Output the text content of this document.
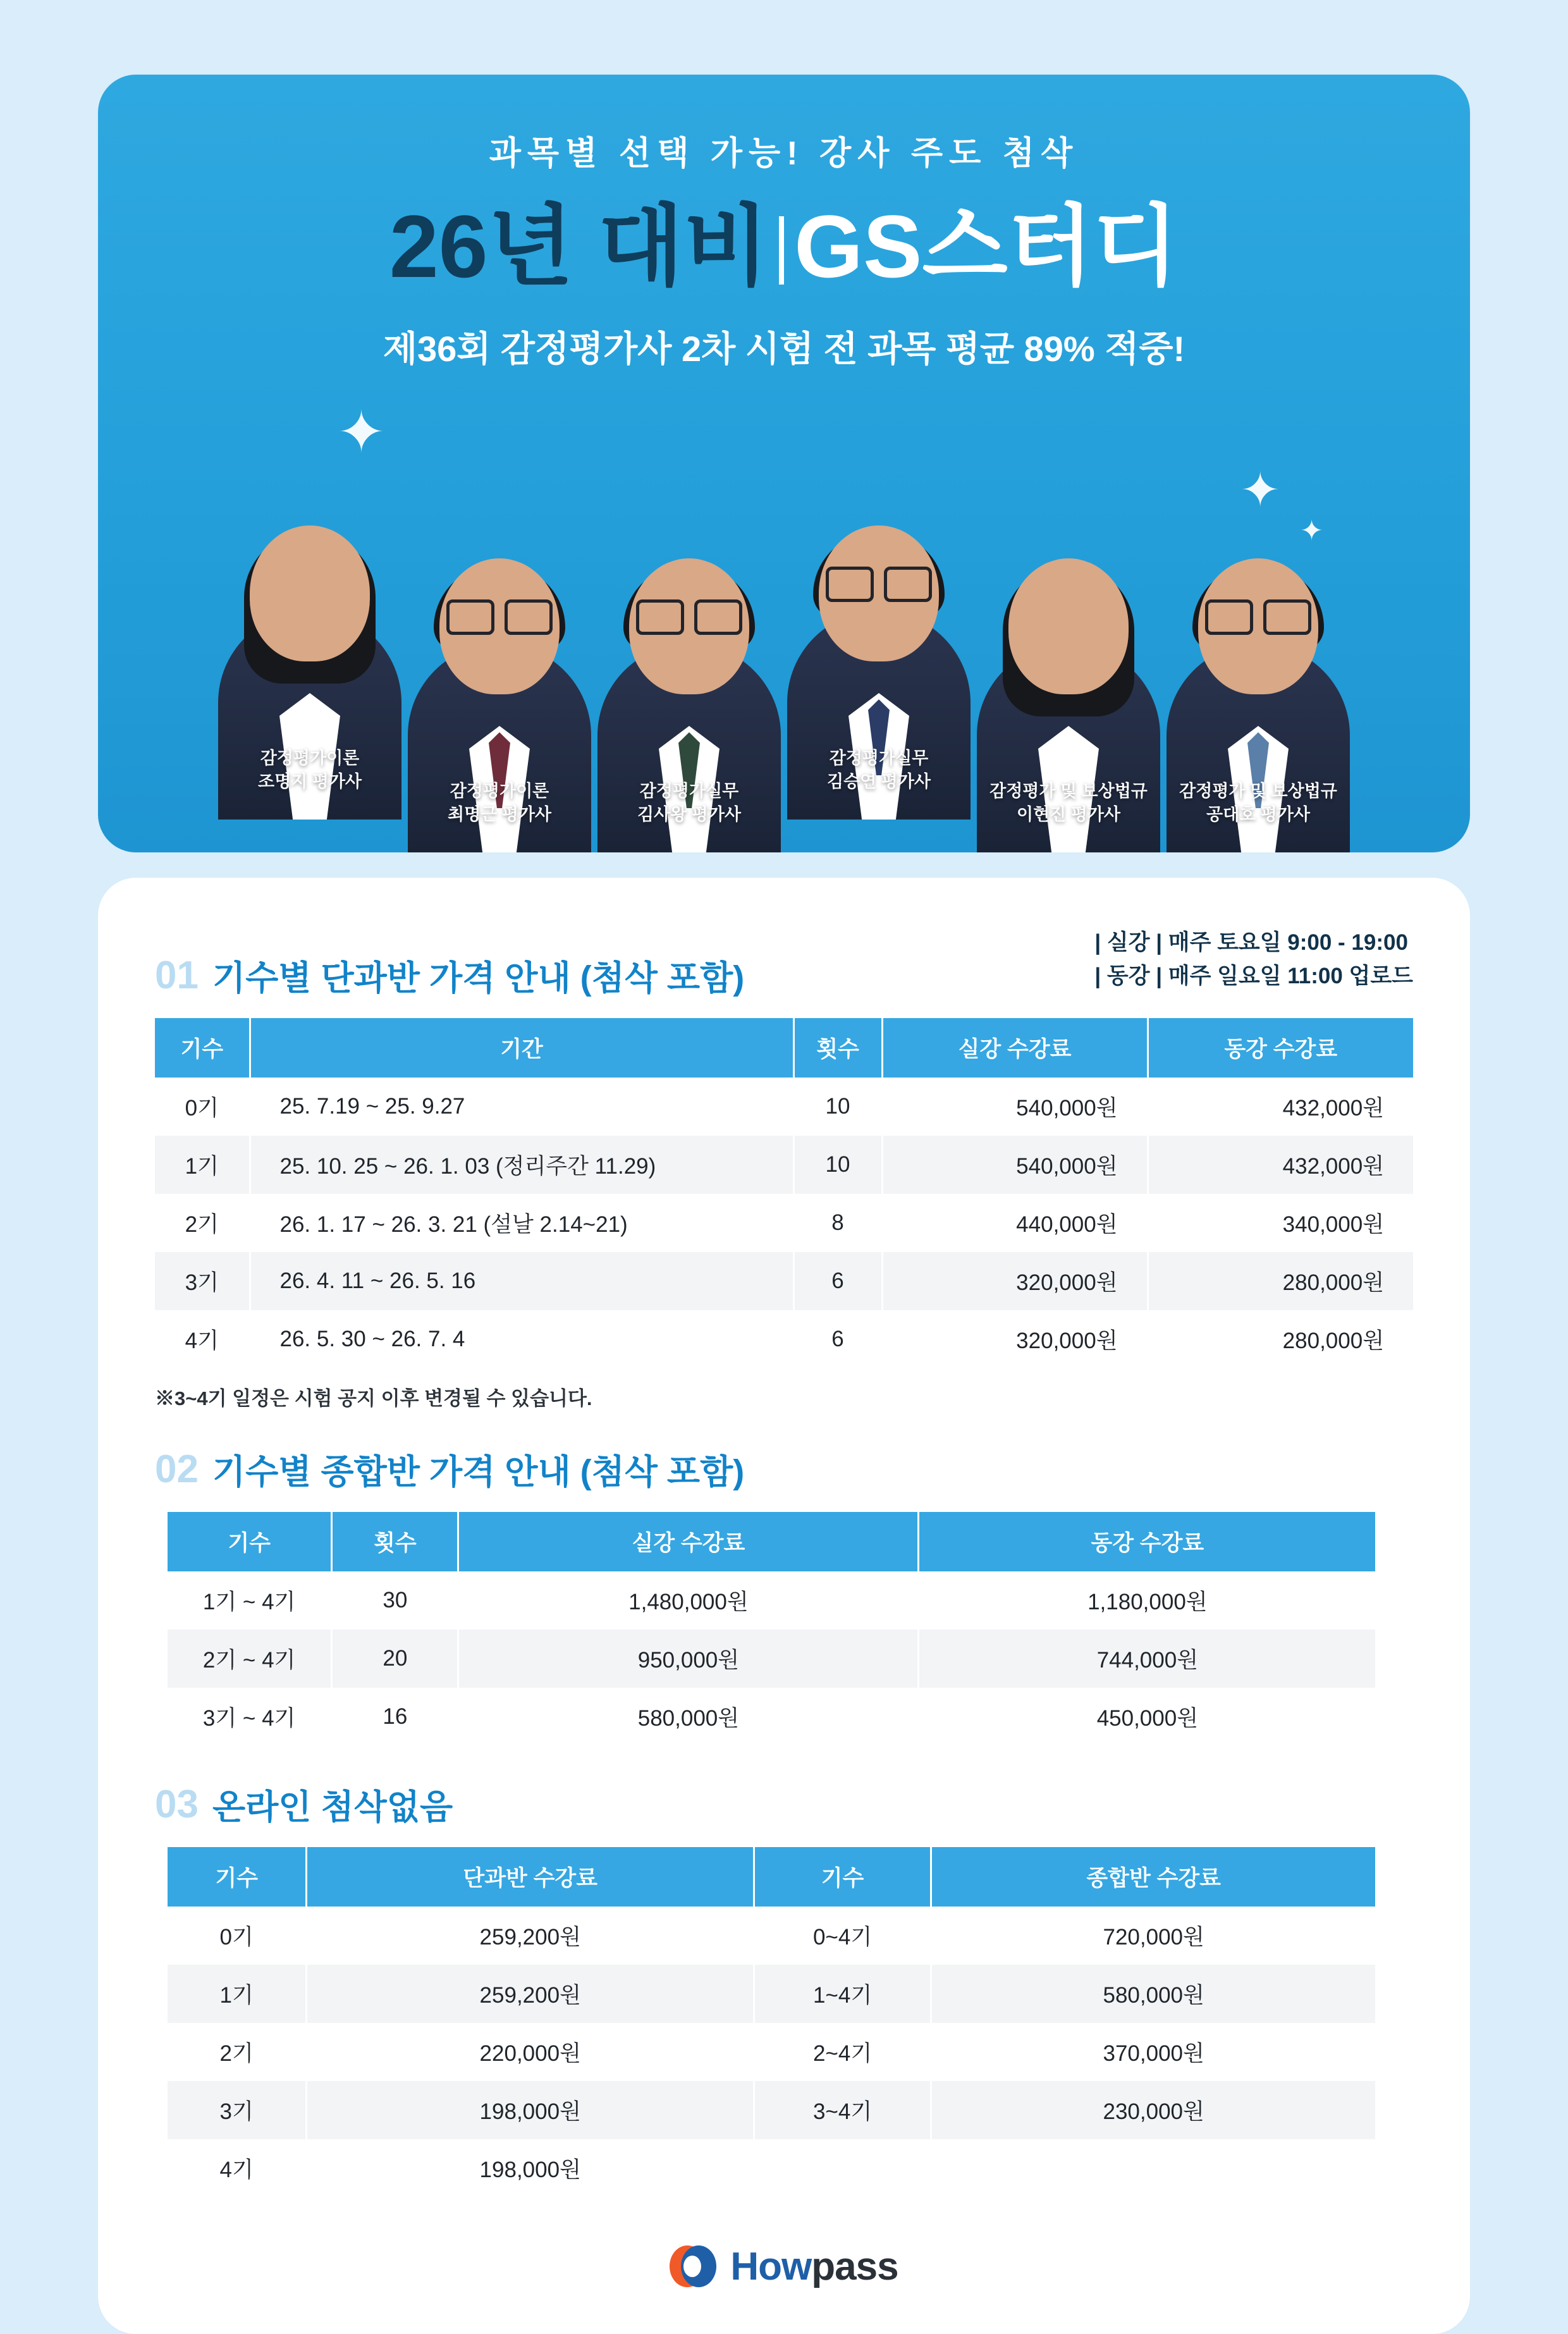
✦
✦
✦
과목별 선택 가능! 강사 주도 첨삭
26년 대비 GS스터디
제36회 감정평가사 2차 시험 전 과목 평균 89% 적중!
감정평가이론
조명지 평가사
감정평가이론
최명근 평가사
감정평가실무
김사왕 평가사
감정평가실무
김승연 평가사
감정평가 및 보상법규
이현진 평가사
감정평가 및 보상법규
공대호 평가사
01 기수별 단과반 가격 안내 (첨삭 포함)
| 실강 | 매주 토요일 9:00 - 19:00
| 동강 | 매주 일요일 11:00 업로드
기수	기간	횟수	실강 수강료	동강 수강료
0기	25. 7.19 ~ 25. 9.27	10	540,000원	432,000원
1기	25. 10. 25 ~ 26. 1. 03 (정리주간 11.29)	10	540,000원	432,000원
2기	26. 1. 17 ~ 26. 3. 21 (설날 2.14~21)	8	440,000원	340,000원
3기	26. 4. 11 ~ 26. 5. 16	6	320,000원	280,000원
4기	26. 5. 30 ~ 26. 7. 4	6	320,000원	280,000원
※3~4기 일정은 시험 공지 이후 변경될 수 있습니다.
02 기수별 종합반 가격 안내 (첨삭 포함)
기수	횟수	실강 수강료	동강 수강료
1기 ~ 4기	30	1,480,000원	1,180,000원
2기 ~ 4기	20	950,000원	744,000원
3기 ~ 4기	16	580,000원	450,000원
03 온라인 첨삭없음
기수	단과반 수강료	기수	종합반 수강료
0기	259,200원	0~4기	720,000원
1기	259,200원	1~4기	580,000원
2기	220,000원	2~4기	370,000원
3기	198,000원	3~4기	230,000원
4기	198,000원		
Howpass
